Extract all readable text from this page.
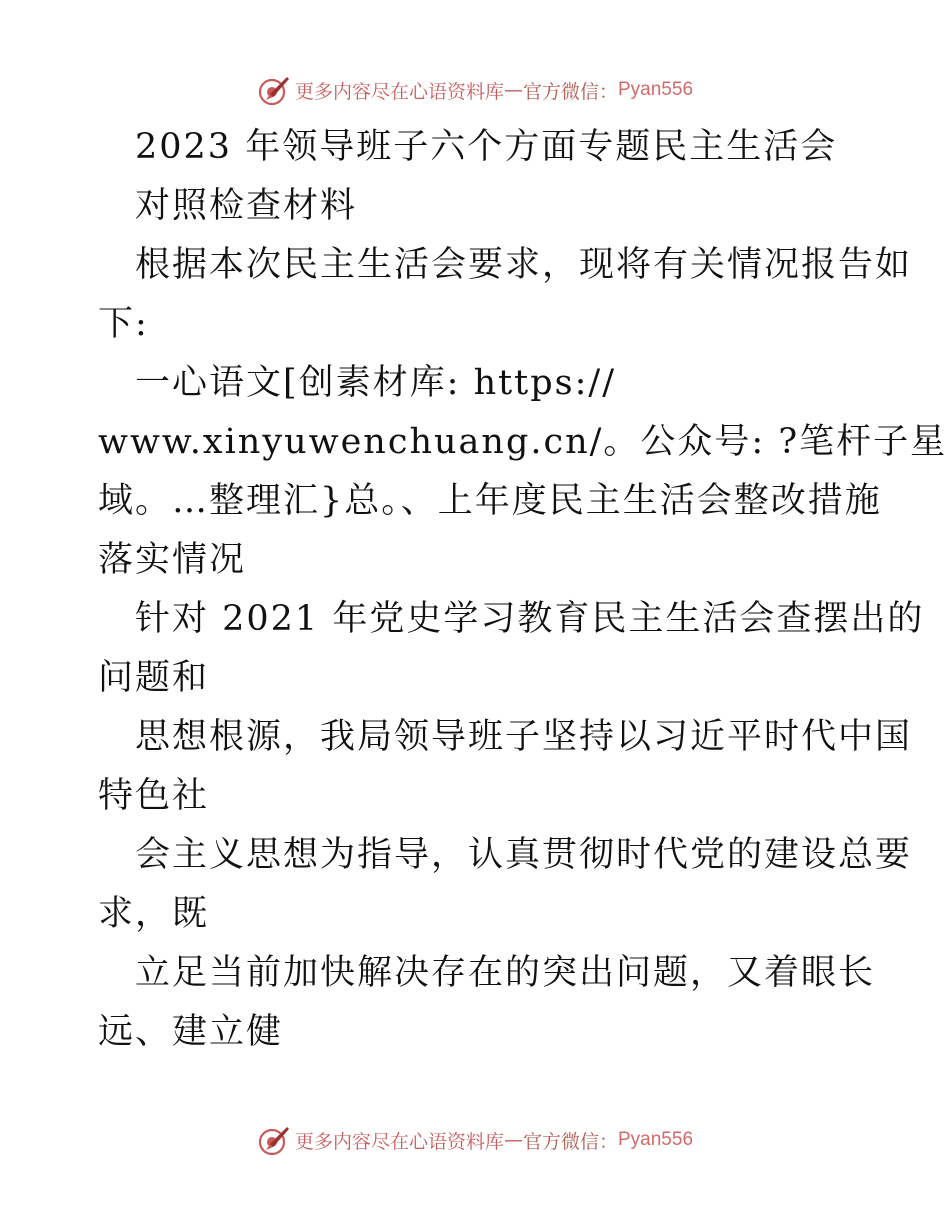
更多内容尽在心语资料库 — 官方微信： Pyan556
2023 年领导班子六个方面专题民主生活会
对照检查材料
根据本次民主生活会要求，现将有关情况报告如
下:
一心语文[创素材库: https://
www.xinyuwenchuang.cn/。公众号: ?笔杆子星
域。…整理汇}总。、上年度民主生活会整改措施
落实情况
针对 2021 年党史学习教育民主生活会查摆出的
问题和
思想根源，我局领导班子坚持以习近平时代中国
特色社
会主义思想为指导，认真贯彻时代党的建设总要
求，既
立足当前加快解决存在的突出问题，又着眼长
远、建立健
更多内容尽在心语资料库 — 官方微信： Pyan556
